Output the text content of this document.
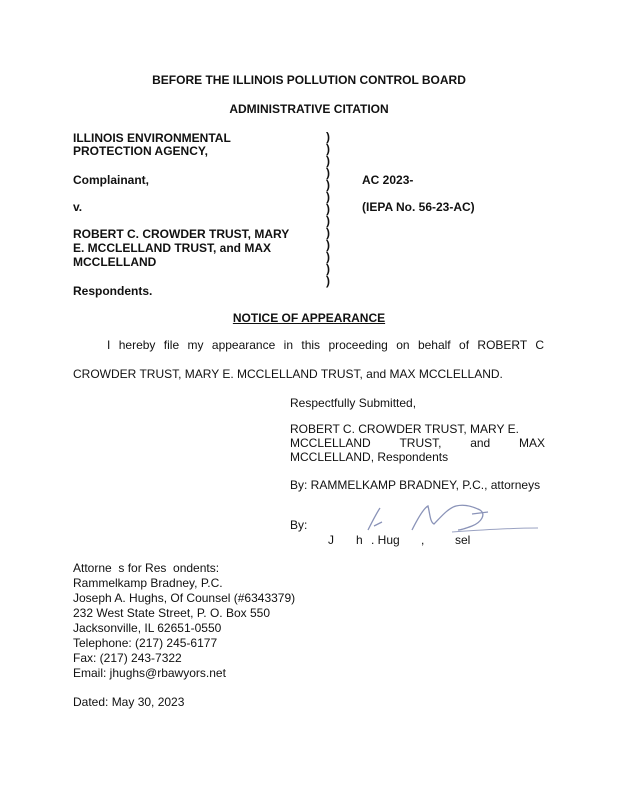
BEFORE THE ILLINOIS POLLUTION CONTROL BOARD
ADMINISTRATIVE CITATION
ILLINOIS ENVIRONMENTAL
PROTECTION AGENCY,
Complainant,
v.
ROBERT C. CROWDER TRUST, MARY
E. MCCLELLAND TRUST, and MAX
MCCLELLAND
Respondents.
)
)
)
)
)
)
)
)
)
)
)
)
)
AC 2023-
(IEPA No. 56-23-AC)
NOTICE OF APPEARANCE
I hereby file my appearance in this proceeding on behalf of ROBERT C
CROWDER TRUST, MARY E. MCCLELLAND TRUST, and MAX MCCLELLAND.
Respectfully Submitted,
ROBERT C. CROWDER TRUST, MARY E.
MCCLELLAND TRUST, and MAX
MCCLELLAND, Respondents
By: RAMMELKAMP BRADNEY, P.C., attorneys
By:
J h . Hug ,	sel
Attorne  s for Res  ondents:
Rammelkamp Bradney, P.C.
Joseph A. Hughs, Of Counsel (#6343379)
232 West State Street, P. O. Box 550
Jacksonville, IL 62651-0550
Telephone: (217) 245-6177
Fax: (217) 243-7322
Email: jhughs@rbawyors.net
Dated: May 30, 2023
